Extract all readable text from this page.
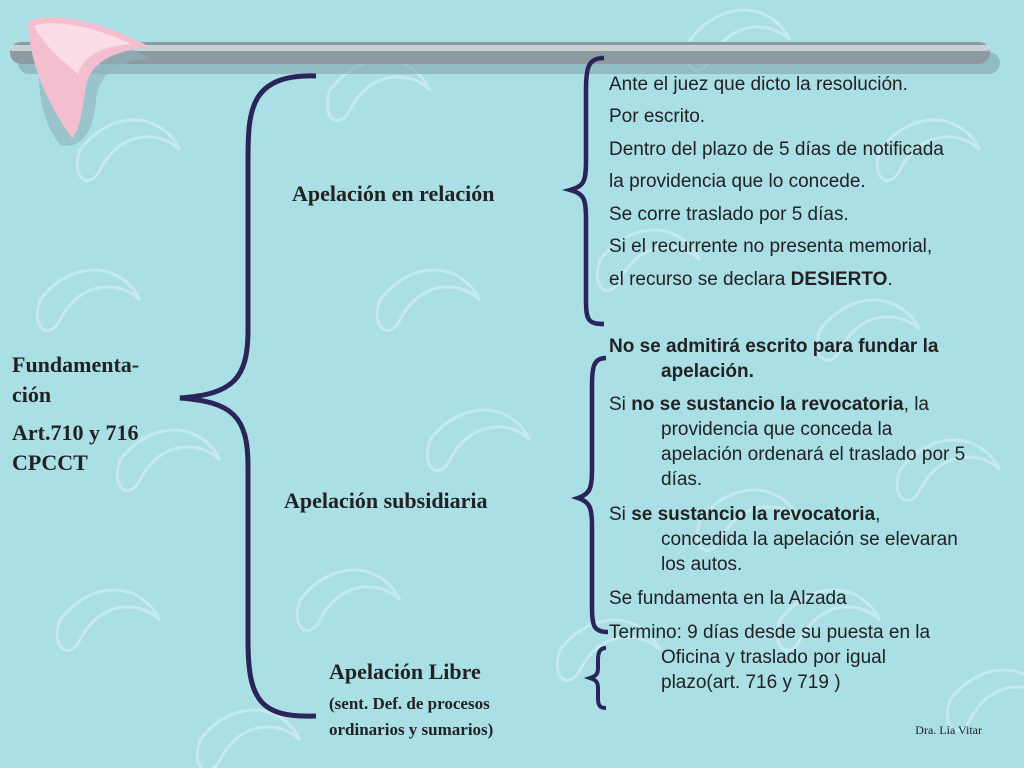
Fundamenta-
ción
Art.710 y 716
CPCCT
Apelación en relación
Apelación subsidiaria
Apelación Libre
(sent. Def. de procesos
ordinarios y sumarios)
Ante el juez que dicto la resolución.
Por escrito.
Dentro del plazo de 5 días de notificada
la providencia que lo concede.
Se corre traslado por 5 días.
Si el recurrente no presenta memorial,
el recurso se declara DESIERTO.
No se admitirá escrito para fundar la
apelación.
Si no se sustancio la revocatoria, la
providencia que conceda la
apelación ordenará el traslado por 5
días.
Si se sustancio la revocatoria,
concedida la apelación se elevaran
los autos.
Se fundamenta en la Alzada
Termino: 9 días desde su puesta en la
Oficina y traslado por igual
plazo(art. 716 y 719 )
Dra. Lía Vitar
